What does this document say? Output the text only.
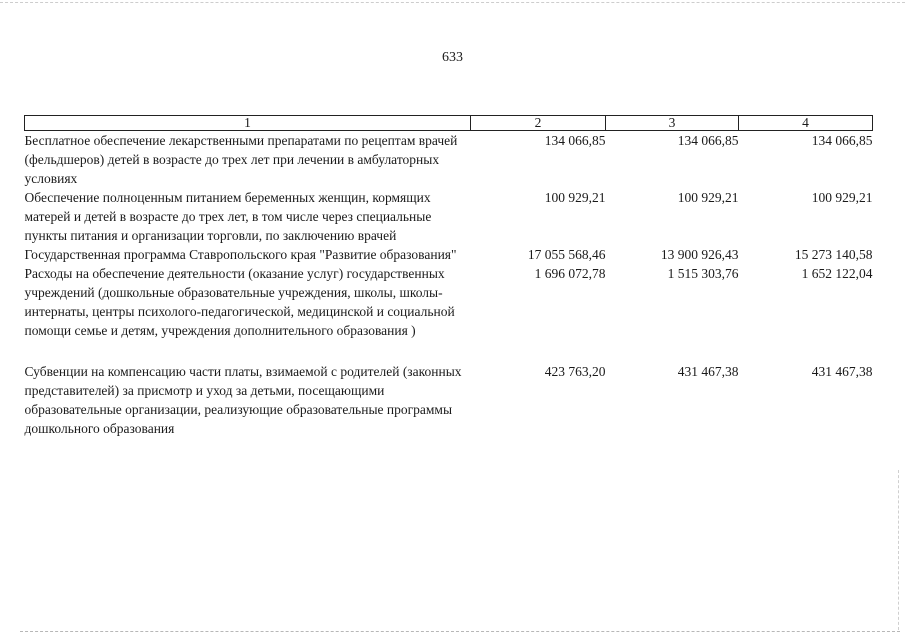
633
1	2	3	4
Бесплатное обеспечение лекарственными препаратами по рецептам врачей (фельдшеров) детей в возрасте до трех лет при лечении в амбулаторных условиях	134 066,85	134 066,85	134 066,85
Обеспечение полноценным питанием беременных женщин, кормящих матерей и детей в возрасте до трех лет, в том числе через специальные пункты питания и организации торговли, по заключению врачей	100 929,21	100 929,21	100 929,21
Государственная программа Ставропольского края "Развитие образования"	17 055 568,46	13 900 926,43	15 273 140,58
Расходы на обеспечение деятельности (оказание услуг) государственных учреждений (дошкольные образовательные учреждения, школы, школы-интернаты, центры психолого-педагогической, медицинской и социальной помощи семье и детям, учреждения дополнительного образования )	1 696 072,78	1 515 303,76	1 652 122,04
Субвенции на компенсацию части платы, взимаемой с родителей (законных представителей) за присмотр и уход за детьми, посещающими образовательные организации, реализующие образовательные программы дошкольного образования	423 763,20	431 467,38	431 467,38
